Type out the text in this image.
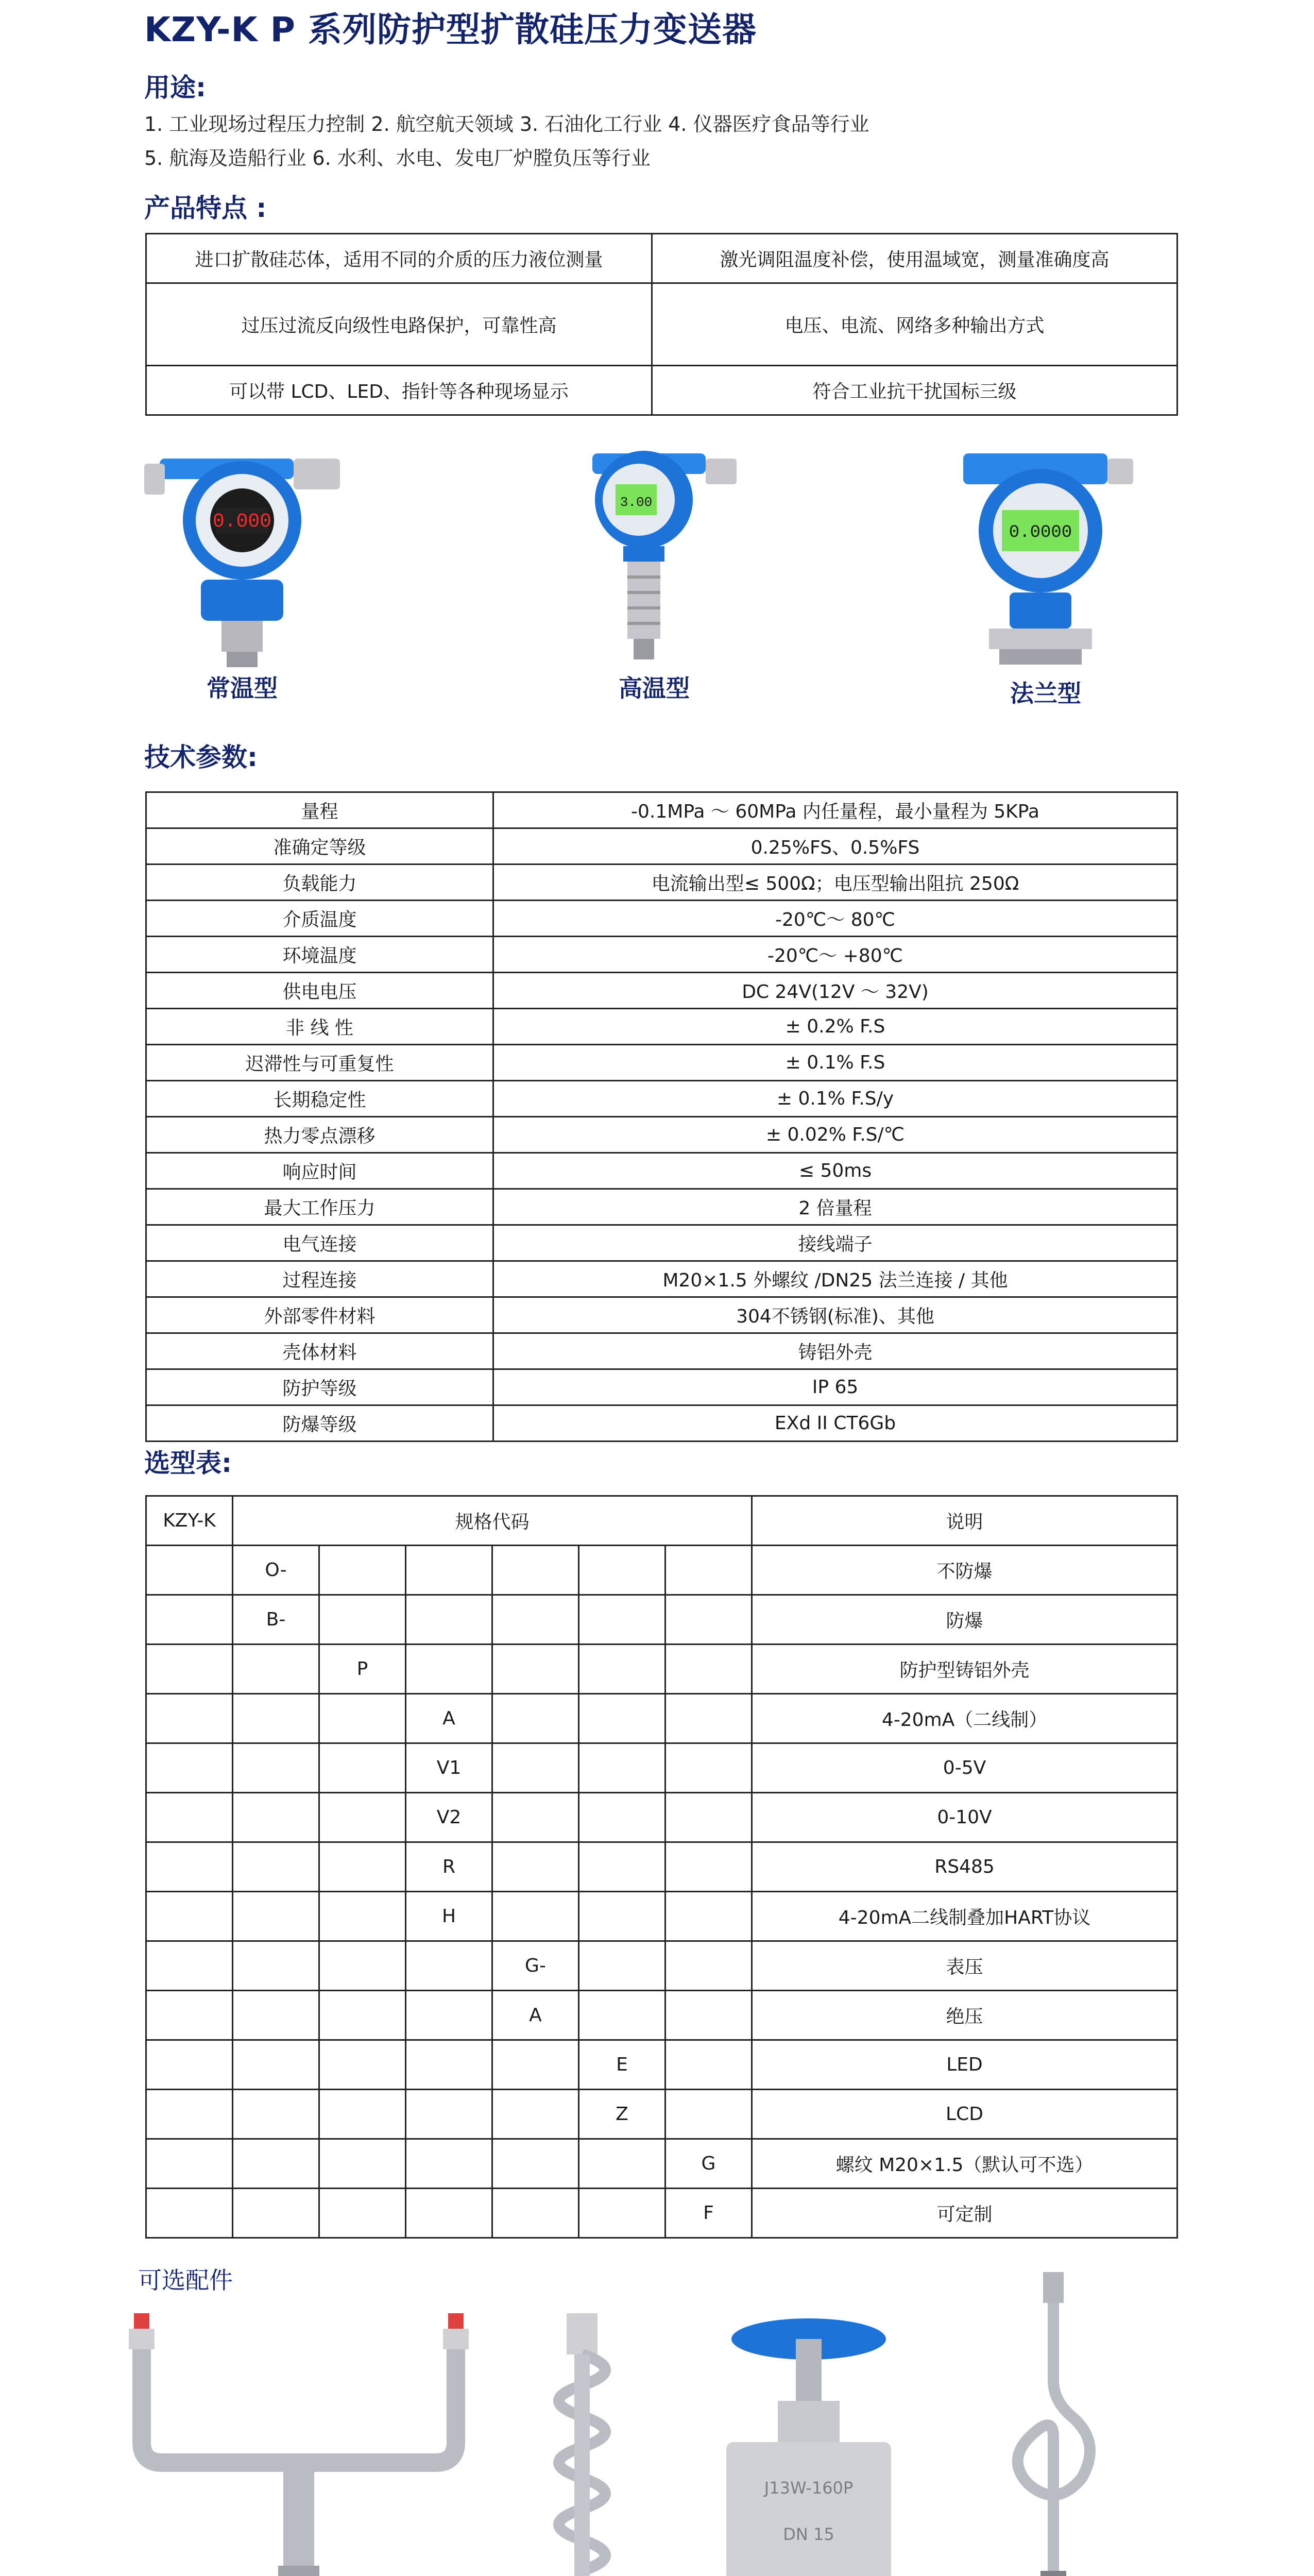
KZY-K P 系列防护型扩散硅压力变送器
用途:
1. 工业现场过程压力控制 2. 航空航天领域 3. 石油化工行业 4. 仪器医疗食品等行业
5. 航海及造船行业 6. 水利、水电、发电厂炉膛负压等行业
产品特点 :
进口扩散硅芯体，适用不同的介质的压力液位测量	激光调阻温度补偿，使用温域宽，测量准确度高
过压过流反向级性电路保护，可靠性高	电压、电流、网络多种输出方式
可以带 LCD、LED、指针等各种现场显示	符合工业抗干扰国标三级
0.000
常温型
3.00
高温型
0.0000
法兰型
技术参数:
量程	-0.1MPa ～ 60MPa 内任量程，最小量程为 5KPa
准确定等级	0.25%FS、0.5%FS
负载能力	电流输出型≤ 500Ω；电压型输出阻抗 250Ω
介质温度	-20℃～ 80℃
环境温度	-20℃～ +80℃
供电电压	DC 24V(12V ～ 32V)
非 线 性	± 0.2% F.S
迟滞性与可重复性	± 0.1% F.S
长期稳定性	± 0.1% F.S/y
热力零点漂移	± 0.02% F.S/℃
响应时间	≤ 50ms
最大工作压力	2 倍量程
电气连接	接线端子
过程连接	M20×1.5 外螺纹 /DN25 法兰连接 / 其他
外部零件材料	304不锈钢(标准)、其他
壳体材料	铸铝外壳
防护等级	IP 65
防爆等级	EXd II CT6Gb
选型表:
KZY-K	规格代码						说明
	O-						不防爆
	B-						防爆
		P					防护型铸铝外壳
			A				4-20mA（二线制）
			V1				0-5V
			V2				0-10V
			R				RS485
			H				4-20mA二线制叠加HART协议
				G-			表压
				A			绝压
					E		LED
					Z		LCD
						G	螺纹 M20×1.5（默认可不选）
						F	可定制
可选配件
J13W-160P
DN 15
